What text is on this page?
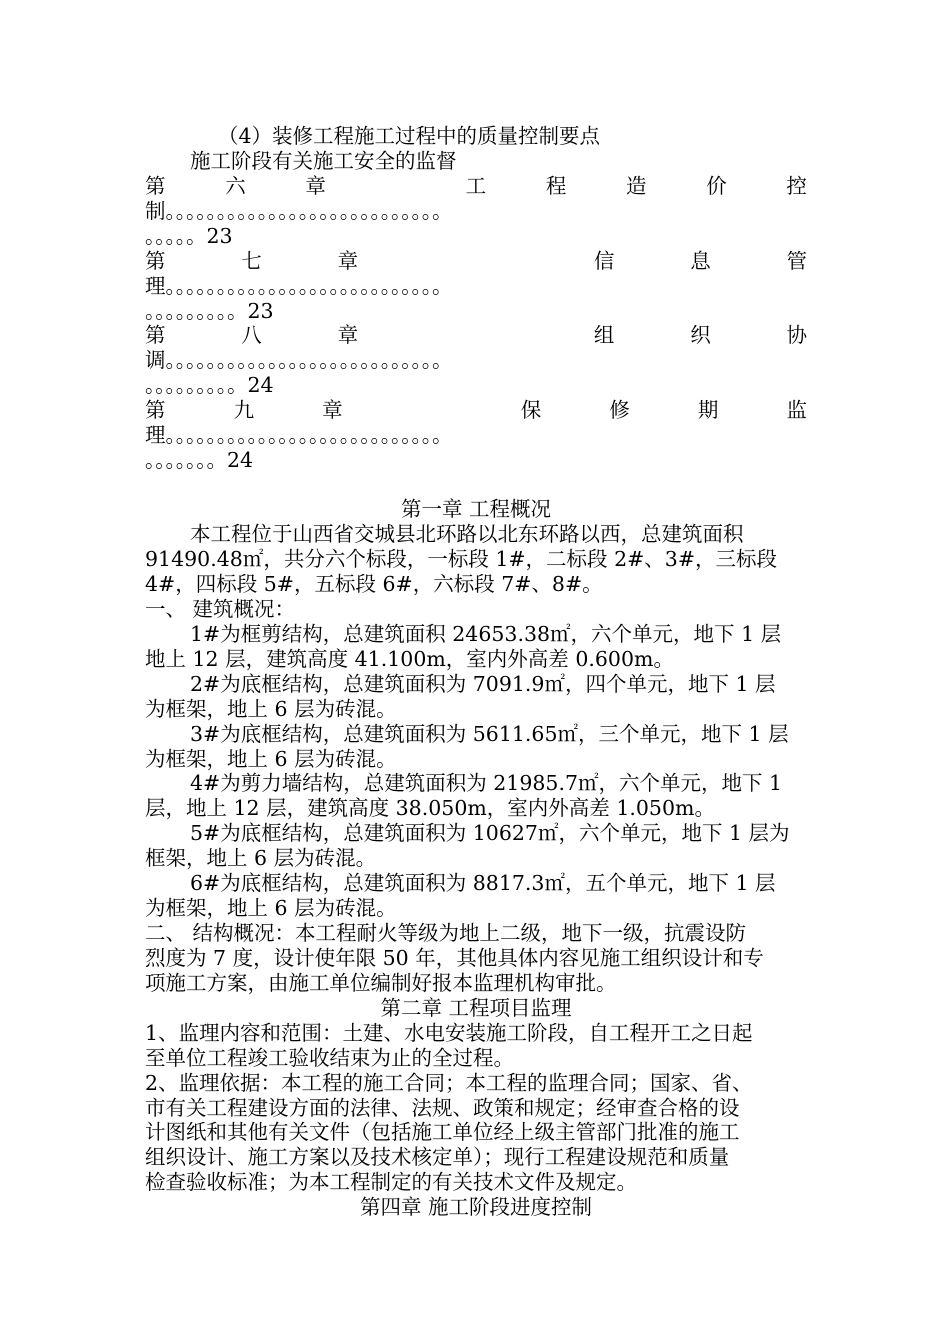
（4）装修工程施工过程中的质量控制要点
施工阶段有关施工安全的监督
第	六	章	工	程	造	价	控
制。。。。。。。。。。。。。。。。。。。。。。。。。。。
。。。。。23
第	七	章	信	息	管
理。。。。。。。。。。。。。。。。。。。。。。。。。。。
。。。。。。。。。23
第	八	章	组	织	协
调。。。。。。。。。。。。。。。。。。。。。。。。。。。
。。。。。。。。。24
第	九	章	保	修	期	监
理。。。。。。。。。。。。。。。。。。。。。。。。。。。
。。。。。。。24
第一章 工程概况
本工程位于山西省交城县北环路以北东环路以西，总建筑面积
91490.48㎡，共分六个标段，一标段 1#，二标段 2#、3#，三标段
4#，四标段 5#，五标段 6#，六标段 7#、8#。
一、 建筑概况：
1#为框剪结构，总建筑面积 24653.38㎡，六个单元，地下 1 层
地上 12 层，建筑高度 41.100m，室内外高差 0.600m。
2#为底框结构，总建筑面积为 7091.9㎡，四个单元，地下 1 层
为框架，地上 6 层为砖混。
3#为底框结构，总建筑面积为 5611.65㎡，三个单元，地下 1 层
为框架，地上 6 层为砖混。
4#为剪力墙结构，总建筑面积为 21985.7㎡，六个单元，地下 1
层，地上 12 层，建筑高度 38.050m，室内外高差 1.050m。
5#为底框结构，总建筑面积为 10627㎡，六个单元，地下 1 层为
框架，地上 6 层为砖混。
6#为底框结构，总建筑面积为 8817.3㎡，五个单元，地下 1 层
为框架，地上 6 层为砖混。
二、 结构概况：本工程耐火等级为地上二级，地下一级，抗震设防
烈度为 7 度，设计使年限 50 年，其他具体内容见施工组织设计和专
项施工方案，由施工单位编制好报本监理机构审批。
第二章 工程项目监理
1、监理内容和范围：土建、水电安装施工阶段，自工程开工之日起
至单位工程竣工验收结束为止的全过程。
2、监理依据：本工程的施工合同；本工程的监理合同；国家、省、
市有关工程建设方面的法律、法规、政策和规定；经审查合格的设
计图纸和其他有关文件（包括施工单位经上级主管部门批准的施工
组织设计、施工方案以及技术核定单）；现行工程建设规范和质量
检查验收标准；为本工程制定的有关技术文件及规定。
第四章 施工阶段进度控制
